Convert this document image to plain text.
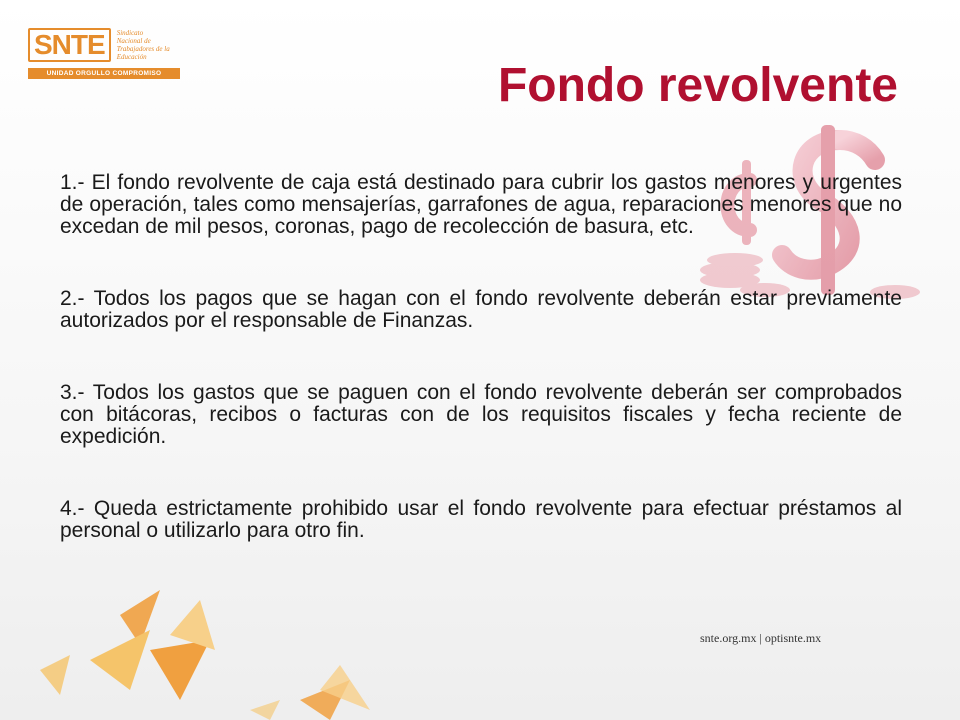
SNTE	Sindicato
Nacional de
Trabajadores de la
Educación
UNIDAD ORGULLO COMPROMISO	Fondo revolvente

1.- El fondo revolvente de caja está destinado para cubrir los gastos menores y urgentes de operación, tales como mensajerías, garrafones de agua, reparaciones menores que no excedan de mil pesos, coronas, pago de recolección de basura, etc.

2.- Todos los pagos que se hagan con el fondo revolvente deberán estar previamente autorizados por el responsable de Finanzas.

3.- Todos los gastos que se paguen con el fondo revolvente deberán ser comprobados con bitácoras, recibos o facturas con de los requisitos fiscales y fecha reciente de expedición.

4.- Queda estrictamente prohibido usar el fondo revolvente para efectuar préstamos al personal o utilizarlo para otro fin.

snte.org.mx | optisnte.mx
